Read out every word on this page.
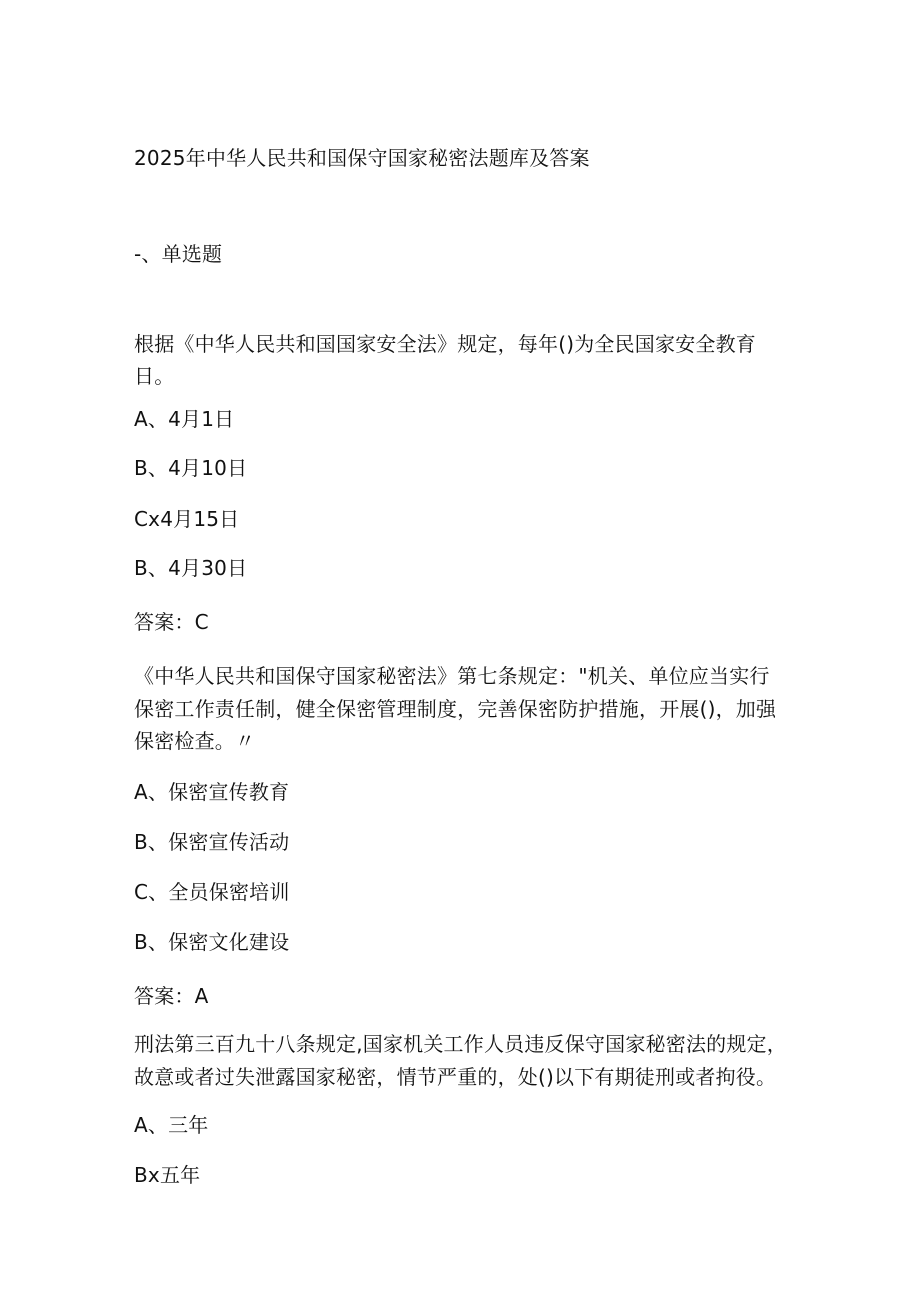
2025年中华人民共和国保守国家秘密法题库及答案
-、单选题
根据《中华人民共和国国家安全法》规定，每年()为全民国家安全教育
日。
A、4月1日
B、4月10日
Cx4月15日
B、4月30日
答案：C
《中华人民共和国保守国家秘密法》第七条规定："机关、单位应当实行
保密工作责任制，健全保密管理制度，完善保密防护措施，开展()，加强
保密检查。〃
A、保密宣传教育
B、保密宣传活动
C、全员保密培训
B、保密文化建设
答案：A
刑法第三百九十八条规定,国家机关工作人员违反保守国家秘密法的规定，
故意或者过失泄露国家秘密，情节严重的，处()以下有期徒刑或者拘役。
A、三年
Bx五年
